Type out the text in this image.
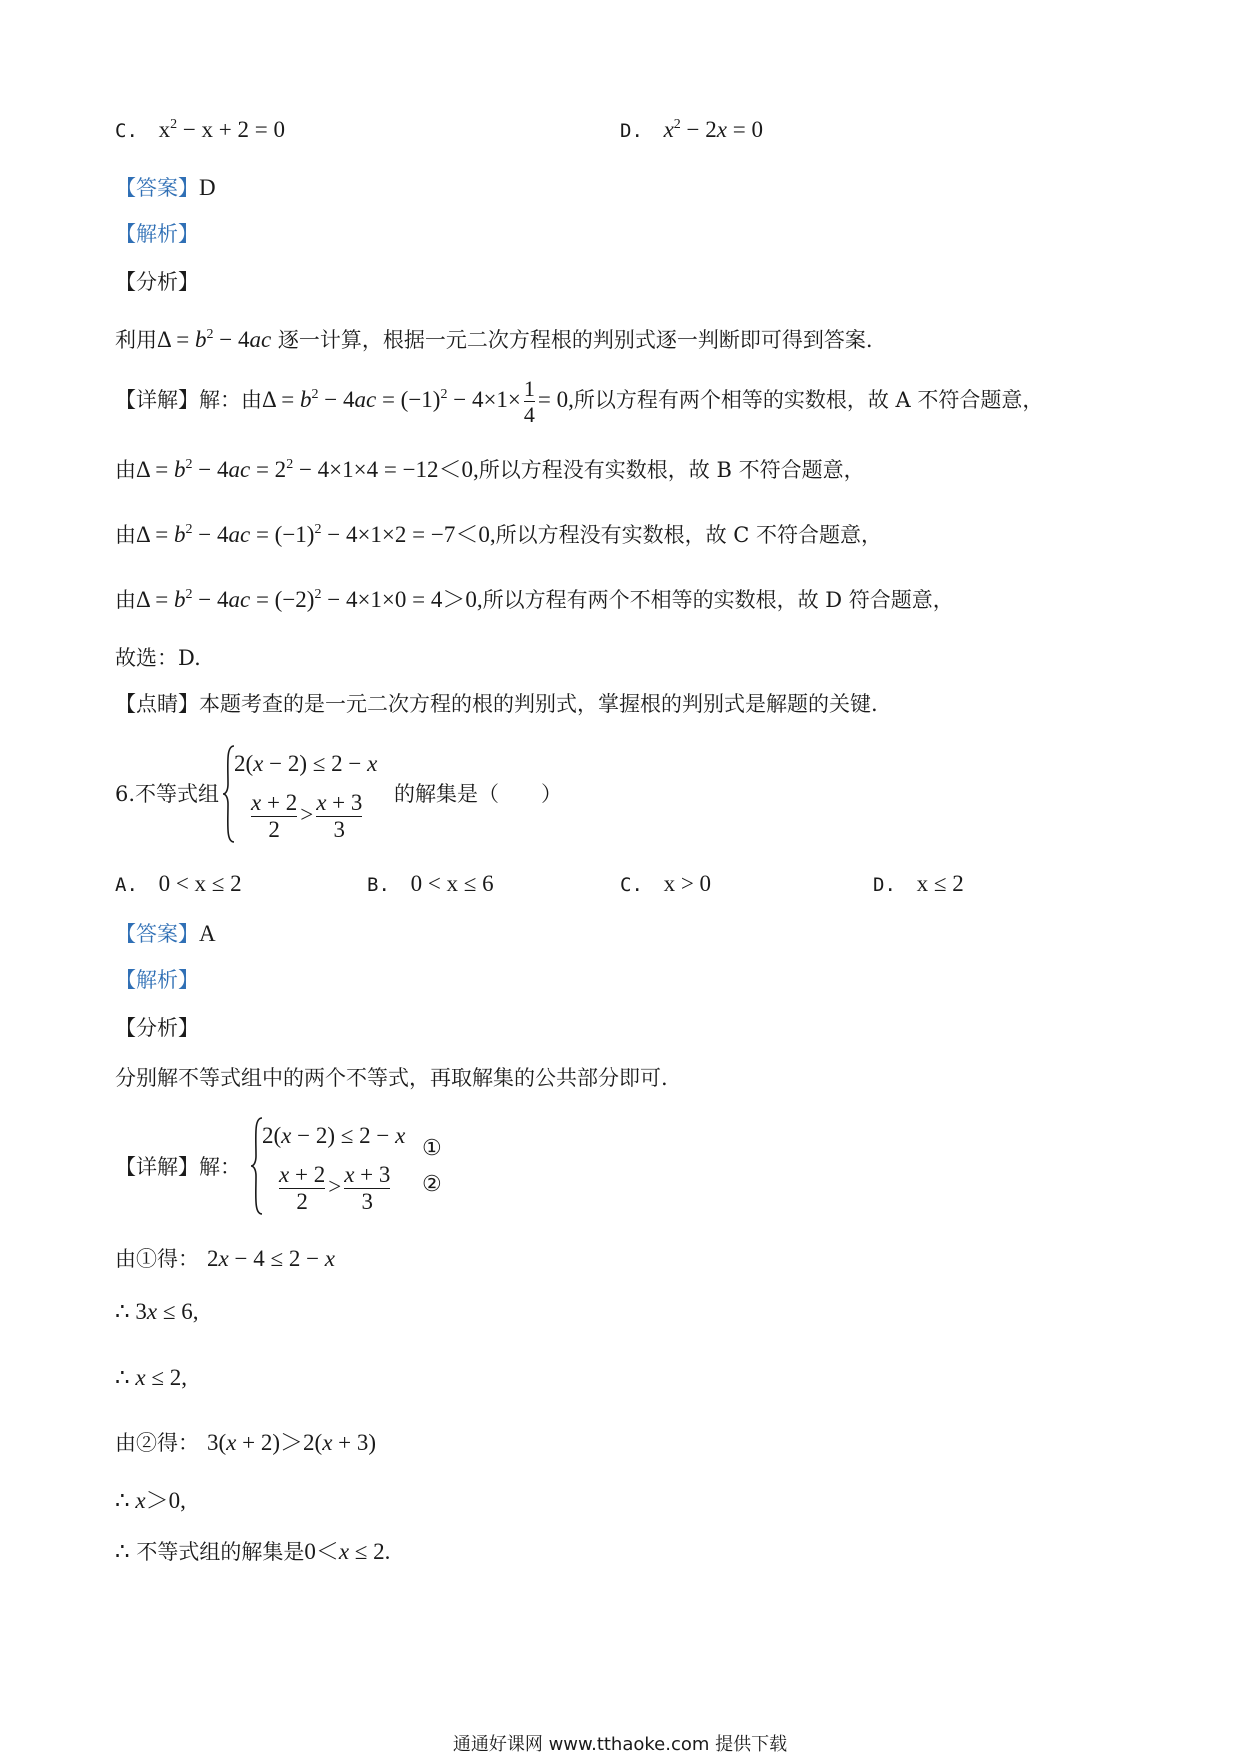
C. $x^2 - x + 2 = 0$	D. $x^2 - 2x = 0$
【答案】D
【解析】
【分析】
利用$\Delta = b^2 - 4ac$ 逐一计算，根据一元二次方程根的判别式逐一判断即可得到答案.
【详解】解：由$\Delta = b^2 - 4ac = (-1)^2 - 4\times 1\times \frac{1}{4} = 0$,所以方程有两个相等的实数根，故 A 不符合题意，
由$\Delta = b^2 - 4ac = 2^2 - 4\times 1\times 4 = -12<0$,所以方程没有实数根，故 B 不符合题意，
由$\Delta = b^2 - 4ac = (-1)^2 - 4\times 1\times 2 = -7<0$,所以方程没有实数根，故 C 不符合题意，
由$\Delta = b^2 - 4ac = (-2)^2 - 4\times 1\times 0 = 4>0$,所以方程有两个不相等的实数根，故 D 符合题意，
故选：D.
【点睛】本题考查的是一元二次方程的根的判别式，掌握根的判别式是解题的关键.
6.不等式组
2(x − 2) ≤ 2 − x
$\frac{x + 2}{2} > \frac{x + 3}{3}$ 的解集是（　　）
A. 0 < x ≤ 2	B. 0 < x ≤ 6	C. x > 0	D. x ≤ 2
【答案】A
【解析】
【分析】
分别解不等式组中的两个不等式，再取解集的公共部分即可.
【详解】解：
2(x − 2) ≤ 2 − x
$\frac{x + 2}{2} > \frac{x + 3}{3}$
①
②
由①得： 2x − 4 ≤ 2 − x
∴ 3x ≤ 6,
∴ x ≤ 2,
由②得： 3(x + 2)＞2(x + 3)
∴ x＞0,
∴ 不等式组的解集是0＜x ≤ 2.
通通好课网 www.tthaoke.com 提供下载
